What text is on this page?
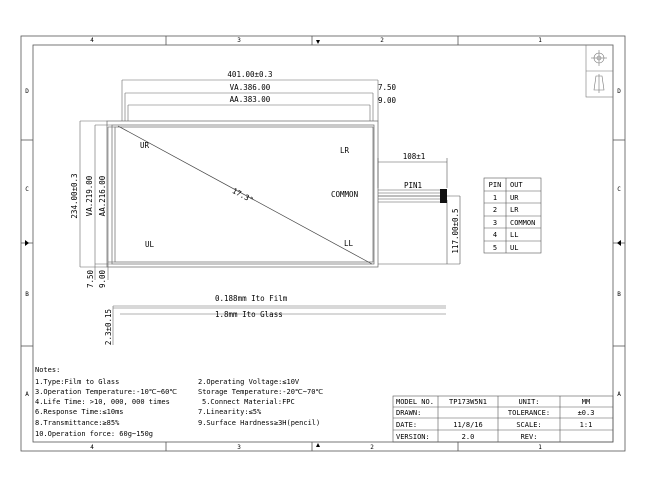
4	3	2	1
4	3	2	1
D
C
B
A
D
C
B
A
17.3"
UR
LR
UL	LL
COMMON
401.00±0.3
VA.386.00
AA.383.00
7.50
9.00
234.00±0.3 VA.219.00 AA.216.00
7.50 9.00
108±1
PIN1
117.00±0.5
PIN OUT
1 UR
2 LR
3 COMMON
4 LL
5 UL
0.188mm Ito Film
1.8mm Ito Glass
2.3±0.15
Notes:
1.Type:Film to Glass
3.Operation Temperature:-10℃~60℃
4.Life Time: >10, 000, 000 times
6.Response Time:≤10ms
8.Transmittance:≥85%
10.Operation force: 60g~150g
2.Operating Voltage:≤10V
Storage Temperature:-20℃~70℃
5.Connect Material:FPC
7.Linearity:≤5%
9.Surface Hardness≥3H(pencil)
MODEL NO. TP173W5N1	UNIT:	MM
DRAWN:	TOLERANCE:	±0.3
DATE:	11/8/16	SCALE:	1:1
VERSION:	2.0	REV:
